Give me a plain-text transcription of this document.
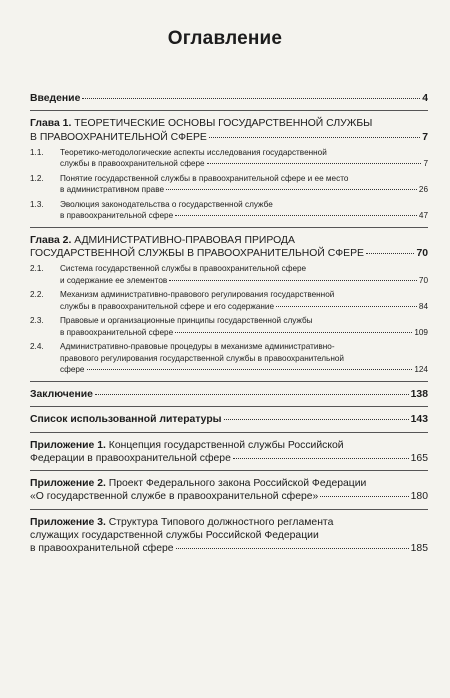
Оглавление
Введение	4
Глава 1. ТЕОРЕТИЧЕСКИЕ ОСНОВЫ ГОСУДАРСТВЕННОЙ СЛУЖБЫ
В ПРАВООХРАНИТЕЛЬНОЙ СФЕРЕ	7
1.1. Теоретико-методологические аспекты исследования государственной
службы в правоохранительной сфере	7
1.2. Понятие государственной службы в правоохранительной сфере и ее место
в административном праве	26
1.3. Эволюция законодательства о государственной службе
в правоохранительной сфере	47
Глава 2. АДМИНИСТРАТИВНО-ПРАВОВАЯ ПРИРОДА
ГОСУДАРСТВЕННОЙ СЛУЖБЫ В ПРАВООХРАНИТЕЛЬНОЙ СФЕРЕ	70
2.1. Система государственной службы в правоохранительной сфере
и содержание ее элементов	70
2.2. Механизм административно-правового регулирования государственной
службы в правоохранительной сфере и его содержание	84
2.3. Правовые и организационные принципы государственной службы
в правоохранительной сфере	109
2.4. Административно-правовые процедуры в механизме административно-
правового регулирования государственной службы в правоохранительной
сфере	124
Заключение	138
Список использованной литературы	143
Приложение 1. Концепция государственной службы Российской
Федерации в правоохранительной сфере	165
Приложение 2. Проект Федерального закона Российской Федерации
«О государственной службе в правоохранительной сфере»	180
Приложение 3. Структура Типового должностного регламента
служащих государственной службы Российской Федерации
в правоохранительной сфере	185
